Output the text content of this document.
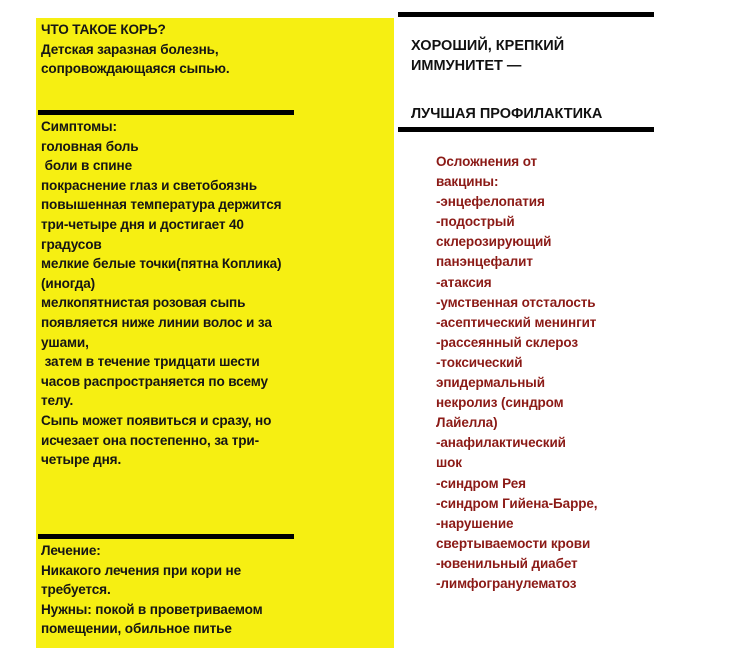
ЧТО ТАКОЕ КОРЬ?
Детская заразная болезнь,
сопровождающаяся сыпью.
Симптомы:
головная боль
боли в спине
покраснение глаз и светобоязнь
повышенная температура держится
три-четыре дня и достигает 40
градусов
мелкие белые точки(пятна Коплика)
(иногда)
мелкопятнистая розовая сыпь
появляется ниже линии волос и за
ушами,
затем в течение тридцати шести
часов распространяется по всему
телу.
Сыпь может появиться и сразу, но
исчезает она постепенно, за три-
четыре дня.
Лечение:
Никакого лечения при кори не
требуется.
Нужны: покой в проветриваемом
помещении, обильное питье
ХОРОШИЙ, КРЕПКИЙ
ИММУНИТЕТ —
ЛУЧШАЯ ПРОФИЛАКТИКА
Осложнения от
вакцины:
-энцефелопатия
-подострый
склерозирующий
панэнцефалит
-атаксия
-умственная отсталость
-асептический менингит
-рассеянный склероз
-токсический
эпидермальный
некролиз (синдром
Лайелла)
-анафилактический
шок
-синдром Рея
-синдром Гийена-Барре,
-нарушение
свертываемости крови
-ювенильный диабет
-лимфогранулематоз
